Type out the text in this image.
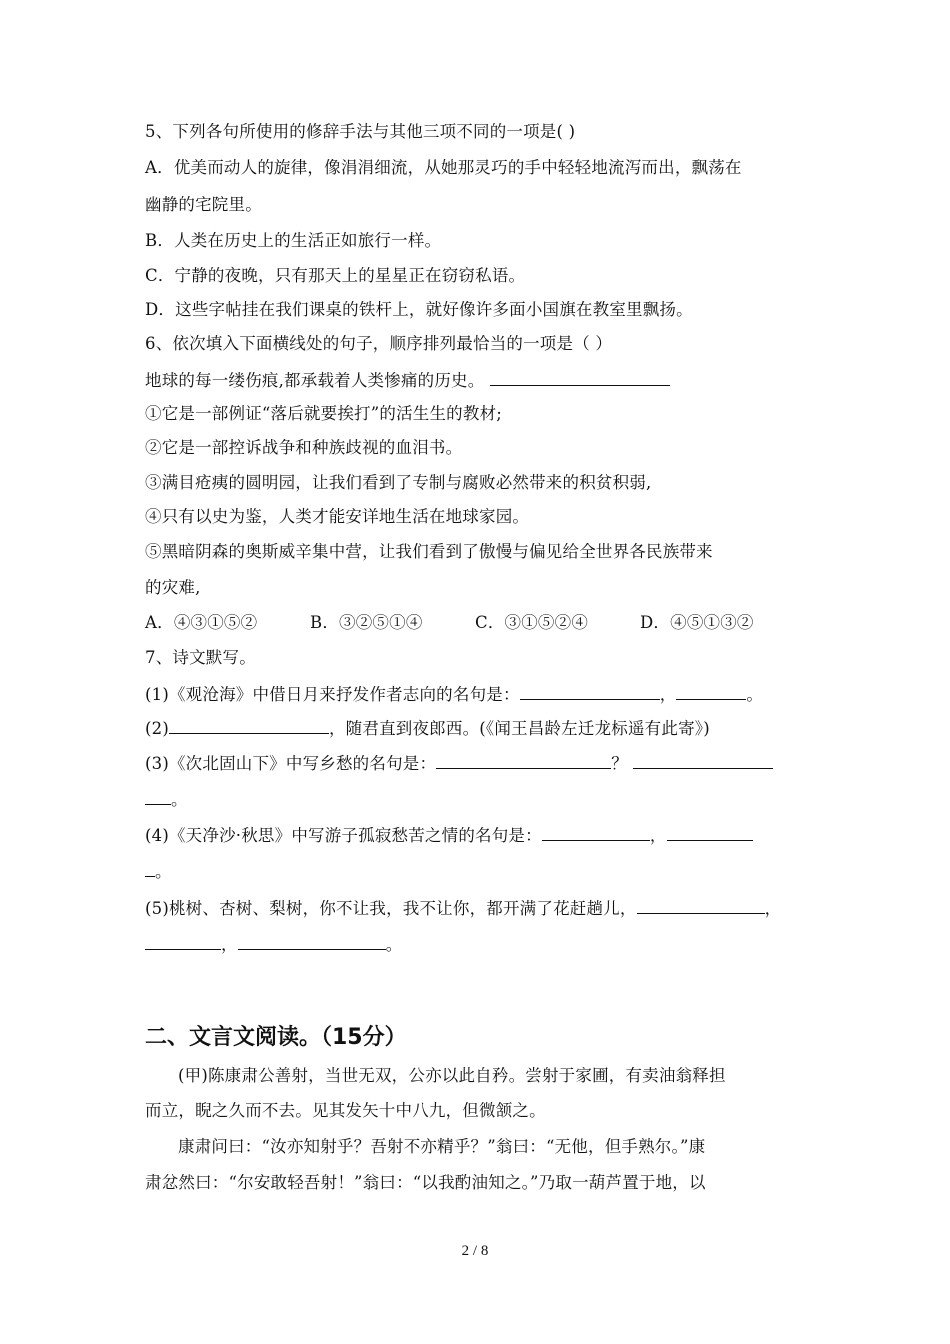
5、下列各句所使用的修辞手法与其他三项不同的一项是( )
A．优美而动人的旋律，像涓涓细流，从她那灵巧的手中轻轻地流泻而出，飘荡在
幽静的宅院里。
B．人类在历史上的生活正如旅行一样。
C．宁静的夜晚，只有那天上的星星正在窃窃私语。
D．这些字帖挂在我们课桌的铁杆上，就好像许多面小国旗在教室里飘扬。
6、依次填入下面横线处的句子，顺序排列最恰当的一项是（ ）
地球的每一缕伤痕,都承载着人类惨痛的历史。
①它是一部例证“落后就要挨打”的活生生的教材;
②它是一部控诉战争和种族歧视的血泪书。
③满目疮痍的圆明园，让我们看到了专制与腐败必然带来的积贫积弱,
④只有以史为鉴，人类才能安详地生活在地球家园。
⑤黑暗阴森的奥斯威辛集中营，让我们看到了傲慢与偏见给全世界各民族带来
的灾难,
A．④③①⑤②	B．③②⑤①④	C．③①⑤②④	D．④⑤①③②
7、诗文默写。
(1)《观沧海》中借日月来抒发作者志向的名句是：	，	。
(2)	，随君直到夜郎西。(《闻王昌龄左迁龙标遥有此寄》)
(3)《次北固山下》中写乡愁的名句是：	？
。
(4)《天净沙·秋思》中写游子孤寂愁苦之情的名句是：	，
。
(5)桃树、杏树、梨树，你不让我，我不让你，都开满了花赶趟儿，	，
，	。
二、文言文阅读。（15分）
(甲)陈康肃公善射，当世无双，公亦以此自矜。尝射于家圃，有卖油翁释担
而立，睨之久而不去。见其发矢十中八九，但微颔之。
康肃问曰：“汝亦知射乎？吾射不亦精乎？”翁曰：“无他，但手熟尔。”康
肃忿然曰：“尔安敢轻吾射！”翁曰：“以我酌油知之。”乃取一葫芦置于地，以
2 / 8
